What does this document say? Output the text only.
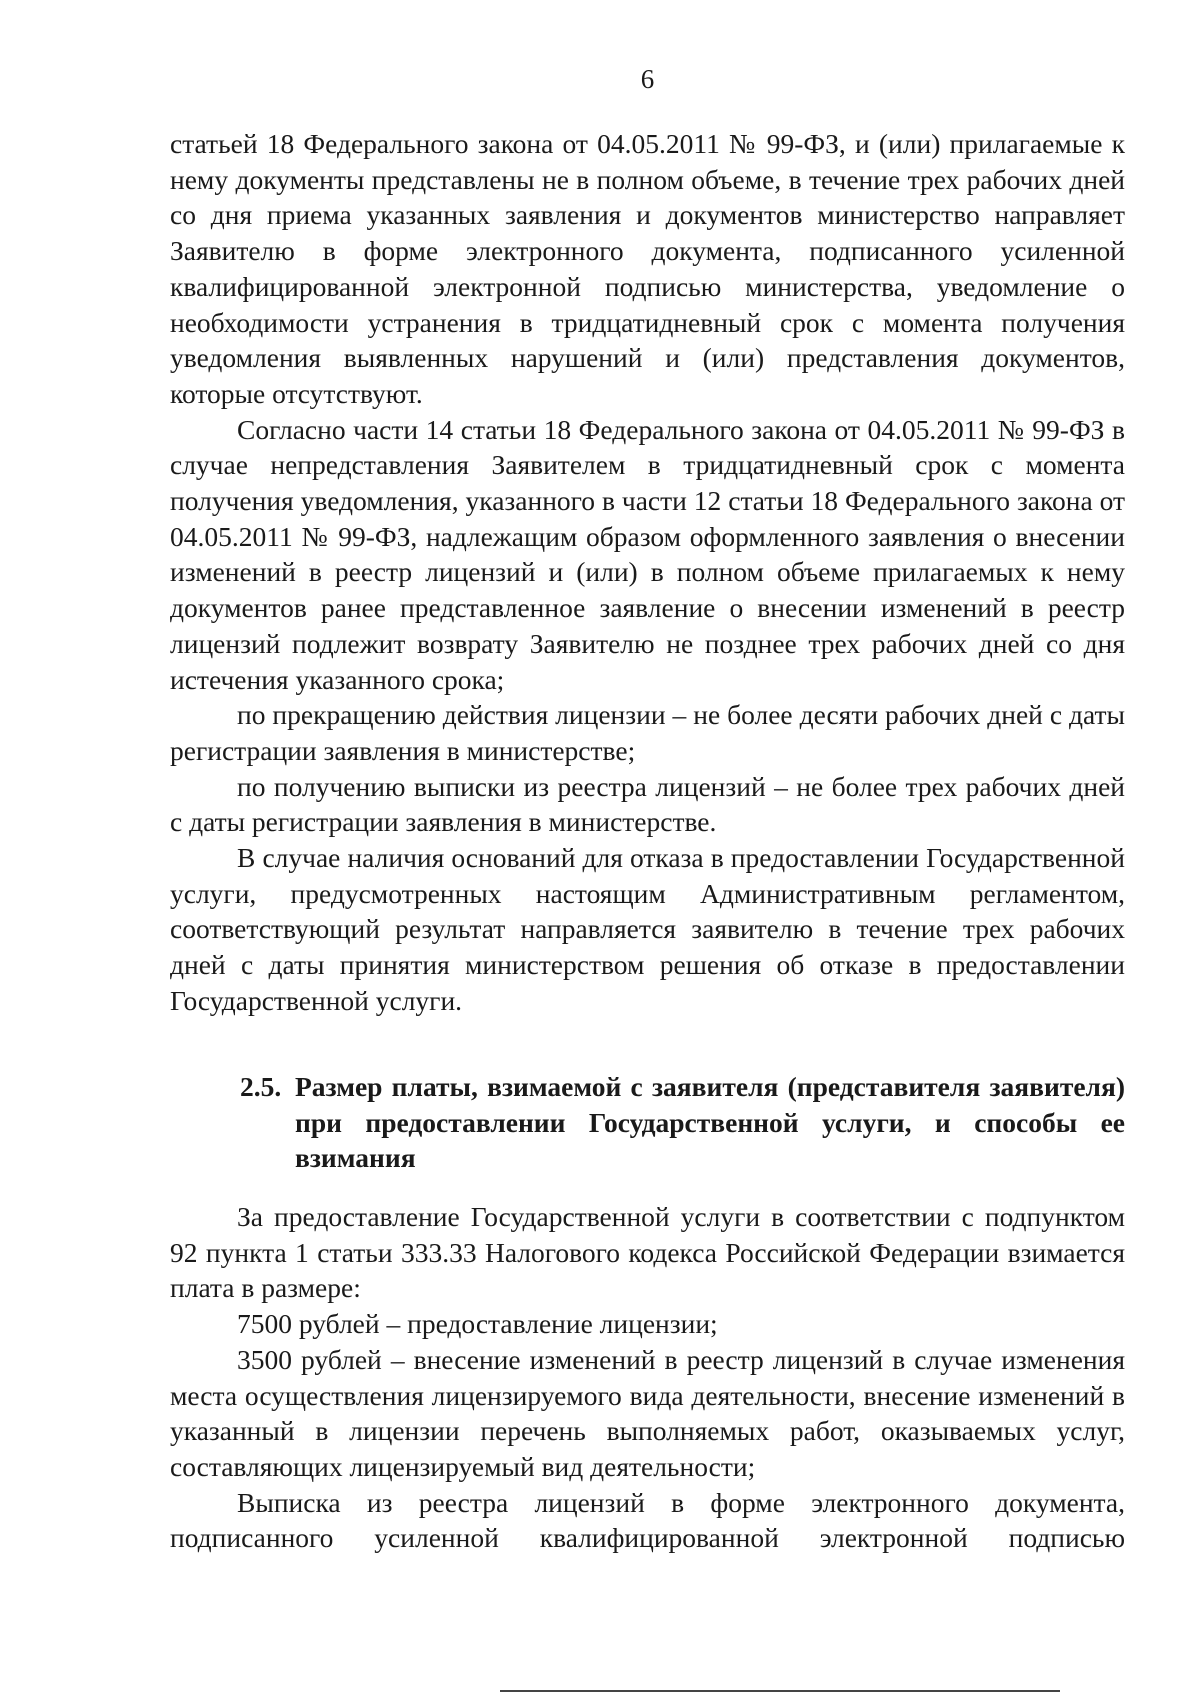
6

статьей 18 Федерального закона от 04.05.2011 № 99-ФЗ, и (или) прилагаемые к нему документы представлены не в полном объеме, в течение трех рабочих дней со дня приема указанных заявления и документов министерство направляет Заявителю в форме электронного документа, подписанного усиленной квалифицированной электронной подписью министерства, уведомление о необходимости устранения в тридцатидневный срок с момента получения уведомления выявленных нарушений и (или) представления документов, которые отсутствуют.

Согласно части 14 статьи 18 Федерального закона от 04.05.2011 № 99-ФЗ в случае непредставления Заявителем в тридцатидневный срок с момента получения уведомления, указанного в части 12 статьи 18 Федерального закона от 04.05.2011 № 99-ФЗ, надлежащим образом оформленного заявления о внесении изменений в реестр лицензий и (или) в полном объеме прилагаемых к нему документов ранее представленное заявление о внесении изменений в реестр лицензий подлежит возврату Заявителю не позднее трех рабочих дней со дня истечения указанного срока;

по прекращению действия лицензии – не более десяти рабочих дней с даты регистрации заявления в министерстве;

по получению выписки из реестра лицензий – не более трех рабочих дней с даты регистрации заявления в министерстве.

В случае наличия оснований для отказа в предоставлении Государственной услуги, предусмотренных настоящим Административным регламентом, соответствующий результат направляется заявителю в течение трех рабочих дней с даты принятия министерством решения об отказе в предоставлении Государственной услуги.

2.5. Размер платы, взимаемой с заявителя (представителя заявителя) при предоставлении Государственной услуги, и способы ее взимания

За предоставление Государственной услуги в соответствии с подпунктом 92 пункта 1 статьи 333.33 Налогового кодекса Российской Федерации взимается плата в размере:

7500 рублей – предоставление лицензии;

3500 рублей – внесение изменений в реестр лицензий в случае изменения места осуществления лицензируемого вида деятельности, внесение изменений в указанный в лицензии перечень выполняемых работ, оказываемых услуг, составляющих лицензируемый вид деятельности;

Выписка из реестра лицензий в форме электронного документа, подписанного усиленной квалифицированной электронной подписью
